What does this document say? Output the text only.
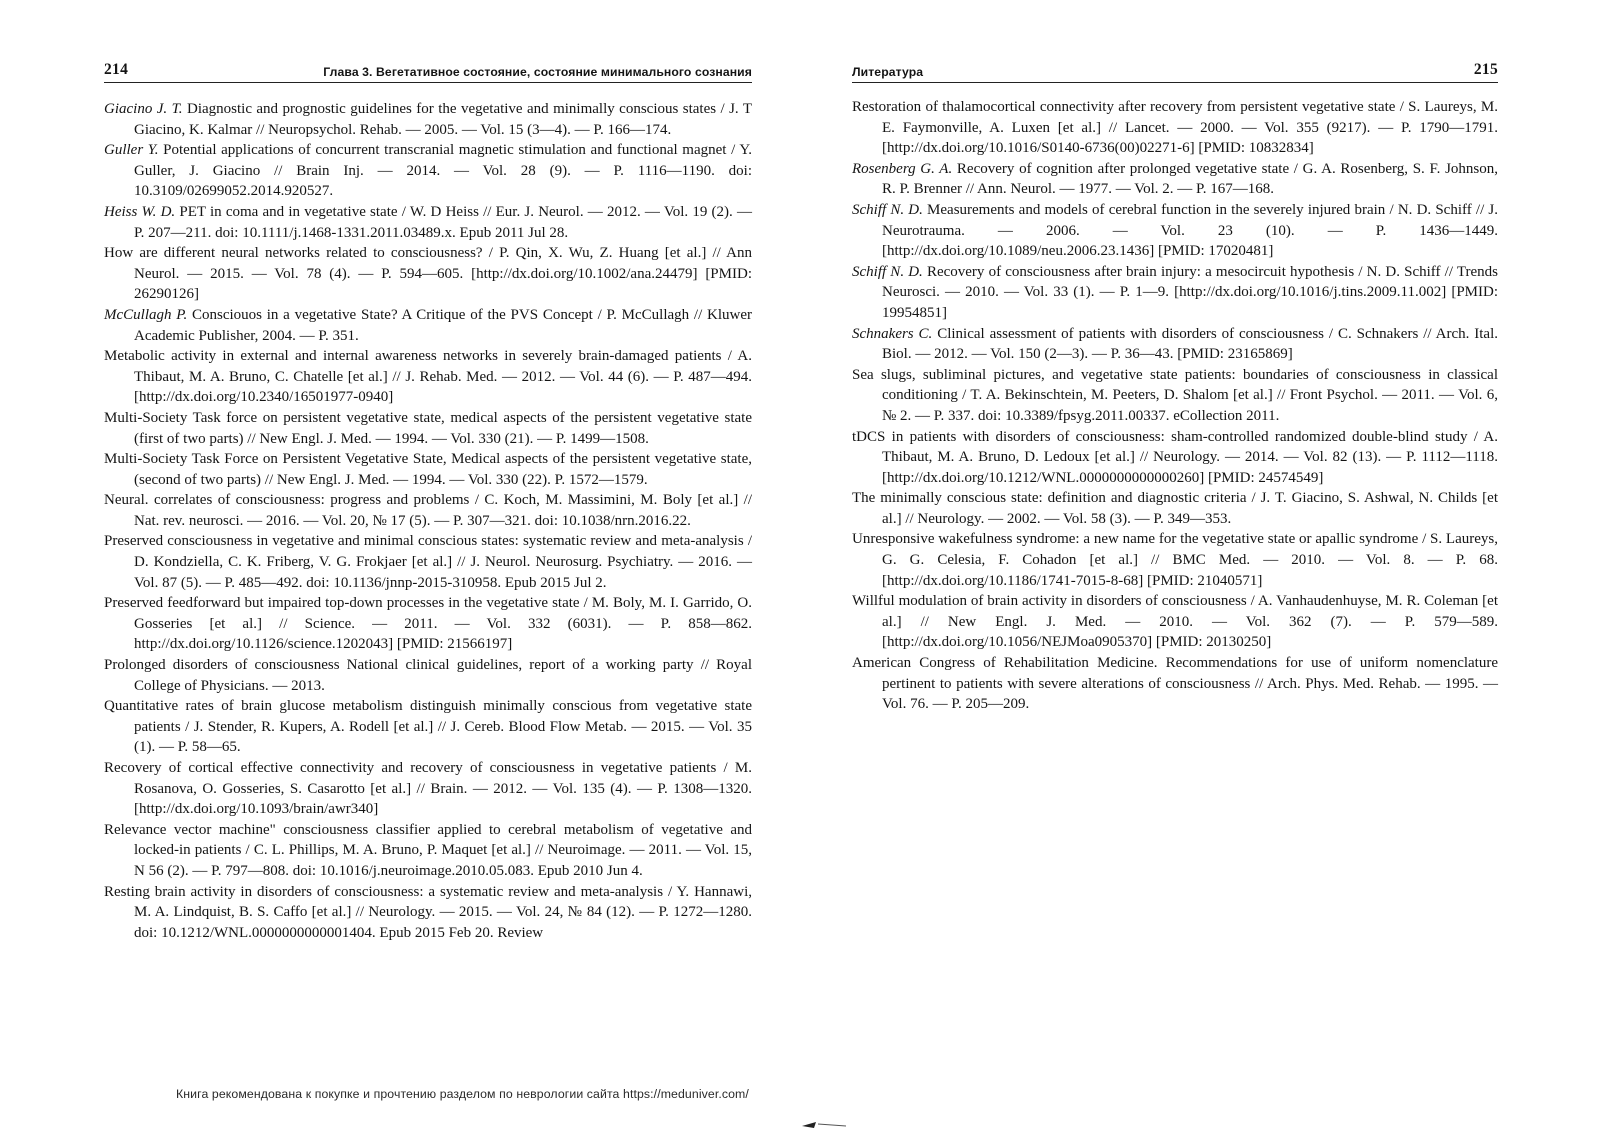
214	Глава 3. Вегетативное состояние, состояние минимального сознания
Giacino J. T. Diagnostic and prognostic guidelines for the vegetative and minimally conscious states / J. T Giacino, K. Kalmar // Neuropsychol. Rehab. — 2005. — Vol. 15 (3—4). — P. 166—174.
Guller Y. Potential applications of concurrent transcranial magnetic stimulation and functional magnet / Y. Guller, J. Giacino // Brain Inj. — 2014. — Vol. 28 (9). — P. 1116—1190. doi: 10.3109/02699052.2014.920527.
Heiss W. D. PET in coma and in vegetative state / W. D Heiss // Eur. J. Neurol. — 2012. — Vol. 19 (2). — P. 207—211. doi: 10.1111/j.1468-1331.2011.03489.x. Epub 2011 Jul 28.
How are different neural networks related to consciousness? / P. Qin, X. Wu, Z. Huang [et al.] // Ann Neurol. — 2015. — Vol. 78 (4). — P. 594—605. [http://dx.doi.org/10.1002/ana.24479] [PMID: 26290126]
McCullagh P. Consciouos in a vegetative State? A Critique of the PVS Concept / P. McCullagh // Kluwer Academic Publisher, 2004. — P. 351.
Metabolic activity in external and internal awareness networks in severely brain-damaged patients / A. Thibaut, M. A. Bruno, C. Chatelle [et al.] // J. Rehab. Med. — 2012. — Vol. 44 (6). — P. 487—494. [http://dx.doi.org/10.2340/16501977-0940]
Multi-Society Task force on persistent vegetative state, medical aspects of the persistent vegetative state (first of two parts) // New Engl. J. Med. — 1994. — Vol. 330 (21). — P. 1499—1508.
Multi-Society Task Force on Persistent Vegetative State, Medical aspects of the persistent vegetative state, (second of two parts) // New Engl. J. Med. — 1994. — Vol. 330 (22). P. 1572—1579.
Neural. correlates of consciousness: progress and problems / C. Koch, M. Massimini, M. Boly [et al.] // Nat. rev. neurosci. — 2016. — Vol. 20, № 17 (5). — P. 307—321. doi: 10.1038/nrn.2016.22.
Preserved consciousness in vegetative and minimal conscious states: systematic review and meta-analysis / D. Kondziella, C. K. Friberg, V. G. Frokjaer [et al.] // J. Neurol. Neurosurg. Psychiatry. — 2016. — Vol. 87 (5). — P. 485—492. doi: 10.1136/jnnp-2015-310958. Epub 2015 Jul 2.
Preserved feedforward but impaired top-down processes in the vegetative state / M. Boly, M. I. Garrido, O. Gosseries [et al.] // Science. — 2011. — Vol. 332 (6031). — P. 858—862. http://dx.doi.org/10.1126/science.1202043] [PMID: 21566197]
Prolonged disorders of consciousness National clinical guidelines, report of a working party // Royal College of Physicians. — 2013.
Quantitative rates of brain glucose metabolism distinguish minimally conscious from vegetative state patients / J. Stender, R. Kupers, A. Rodell [et al.] // J. Cereb. Blood Flow Metab. — 2015. — Vol. 35 (1). — P. 58—65.
Recovery of cortical effective connectivity and recovery of consciousness in vegetative patients / M. Rosanova, O. Gosseries, S. Casarotto [et al.] // Brain. — 2012. — Vol. 135 (4). — P. 1308—1320. [http://dx.doi.org/10.1093/brain/awr340]
Relevance vector machine" consciousness classifier applied to cerebral metabolism of vegetative and locked-in patients / C. L. Phillips, M. A. Bruno, P. Maquet [et al.] // Neuroimage. — 2011. — Vol. 15, N 56 (2). — P. 797—808. doi: 10.1016/j.neuroimage.2010.05.083. Epub 2010 Jun 4.
Resting brain activity in disorders of consciousness: a systematic review and meta-analysis / Y. Hannawi, M. A. Lindquist, B. S. Caffo [et al.] // Neurology. — 2015. — Vol. 24, № 84 (12). — P. 1272—1280. doi: 10.1212/WNL.0000000000001404. Epub 2015 Feb 20. Review
Литература	215
Restoration of thalamocortical connectivity after recovery from persistent vegetative state / S. Laureys, M. E. Faymonville, A. Luxen [et al.] // Lancet. — 2000. — Vol. 355 (9217). — P. 1790—1791. [http://dx.doi.org/10.1016/S0140-6736(00)02271-6] [PMID: 10832834]
Rosenberg G. A. Recovery of cognition after prolonged vegetative state / G. A. Rosenberg, S. F. Johnson, R. P. Brenner // Ann. Neurol. — 1977. — Vol. 2. — P. 167—168.
Schiff N. D. Measurements and models of cerebral function in the severely injured brain / N. D. Schiff // J. Neurotrauma. — 2006. — Vol. 23 (10). — P. 1436—1449. [http://dx.doi.org/10.1089/neu.2006.23.1436] [PMID: 17020481]
Schiff N. D. Recovery of consciousness after brain injury: a mesocircuit hypothesis / N. D. Schiff // Trends Neurosci. — 2010. — Vol. 33 (1). — P. 1—9. [http://dx.doi.org/10.1016/j.tins.2009.11.002] [PMID: 19954851]
Schnakers C. Clinical assessment of patients with disorders of consciousness / C. Schnakers // Arch. Ital. Biol. — 2012. — Vol. 150 (2—3). — P. 36—43. [PMID: 23165869]
Sea slugs, subliminal pictures, and vegetative state patients: boundaries of consciousness in classical conditioning / T. A. Bekinschtein, M. Peeters, D. Shalom [et al.] // Front Psychol. — 2011. — Vol. 6, № 2. — P. 337. doi: 10.3389/fpsyg.2011.00337. eCollection 2011.
tDCS in patients with disorders of consciousness: sham-controlled randomized double-blind study / A. Thibaut, M. A. Bruno, D. Ledoux [et al.] // Neurology. — 2014. — Vol. 82 (13). — P. 1112—1118. [http://dx.doi.org/10.1212/WNL.0000000000000260] [PMID: 24574549]
The minimally conscious state: definition and diagnostic criteria / J. T. Giacino, S. Ashwal, N. Childs [et al.] // Neurology. — 2002. — Vol. 58 (3). — P. 349—353.
Unresponsive wakefulness syndrome: a new name for the vegetative state or apallic syndrome / S. Laureys, G. G. Celesia, F. Cohadon [et al.] // BMC Med. — 2010. — Vol. 8. — P. 68. [http://dx.doi.org/10.1186/1741-7015-8-68] [PMID: 21040571]
Willful modulation of brain activity in disorders of consciousness / A. Vanhaudenhuyse, M. R. Coleman [et al.] // New Engl. J. Med. — 2010. — Vol. 362 (7). — P. 579—589. [http://dx.doi.org/10.1056/NEJMoa0905370] [PMID: 20130250]
American Congress of Rehabilitation Medicine. Recommendations for use of uniform nomenclature pertinent to patients with severe alterations of consciousness // Arch. Phys. Med. Rehab. — 1995. — Vol. 76. — P. 205—209.
Книга рекомендована к покупке и прочтению разделом по неврологии сайта https://meduniver.com/
